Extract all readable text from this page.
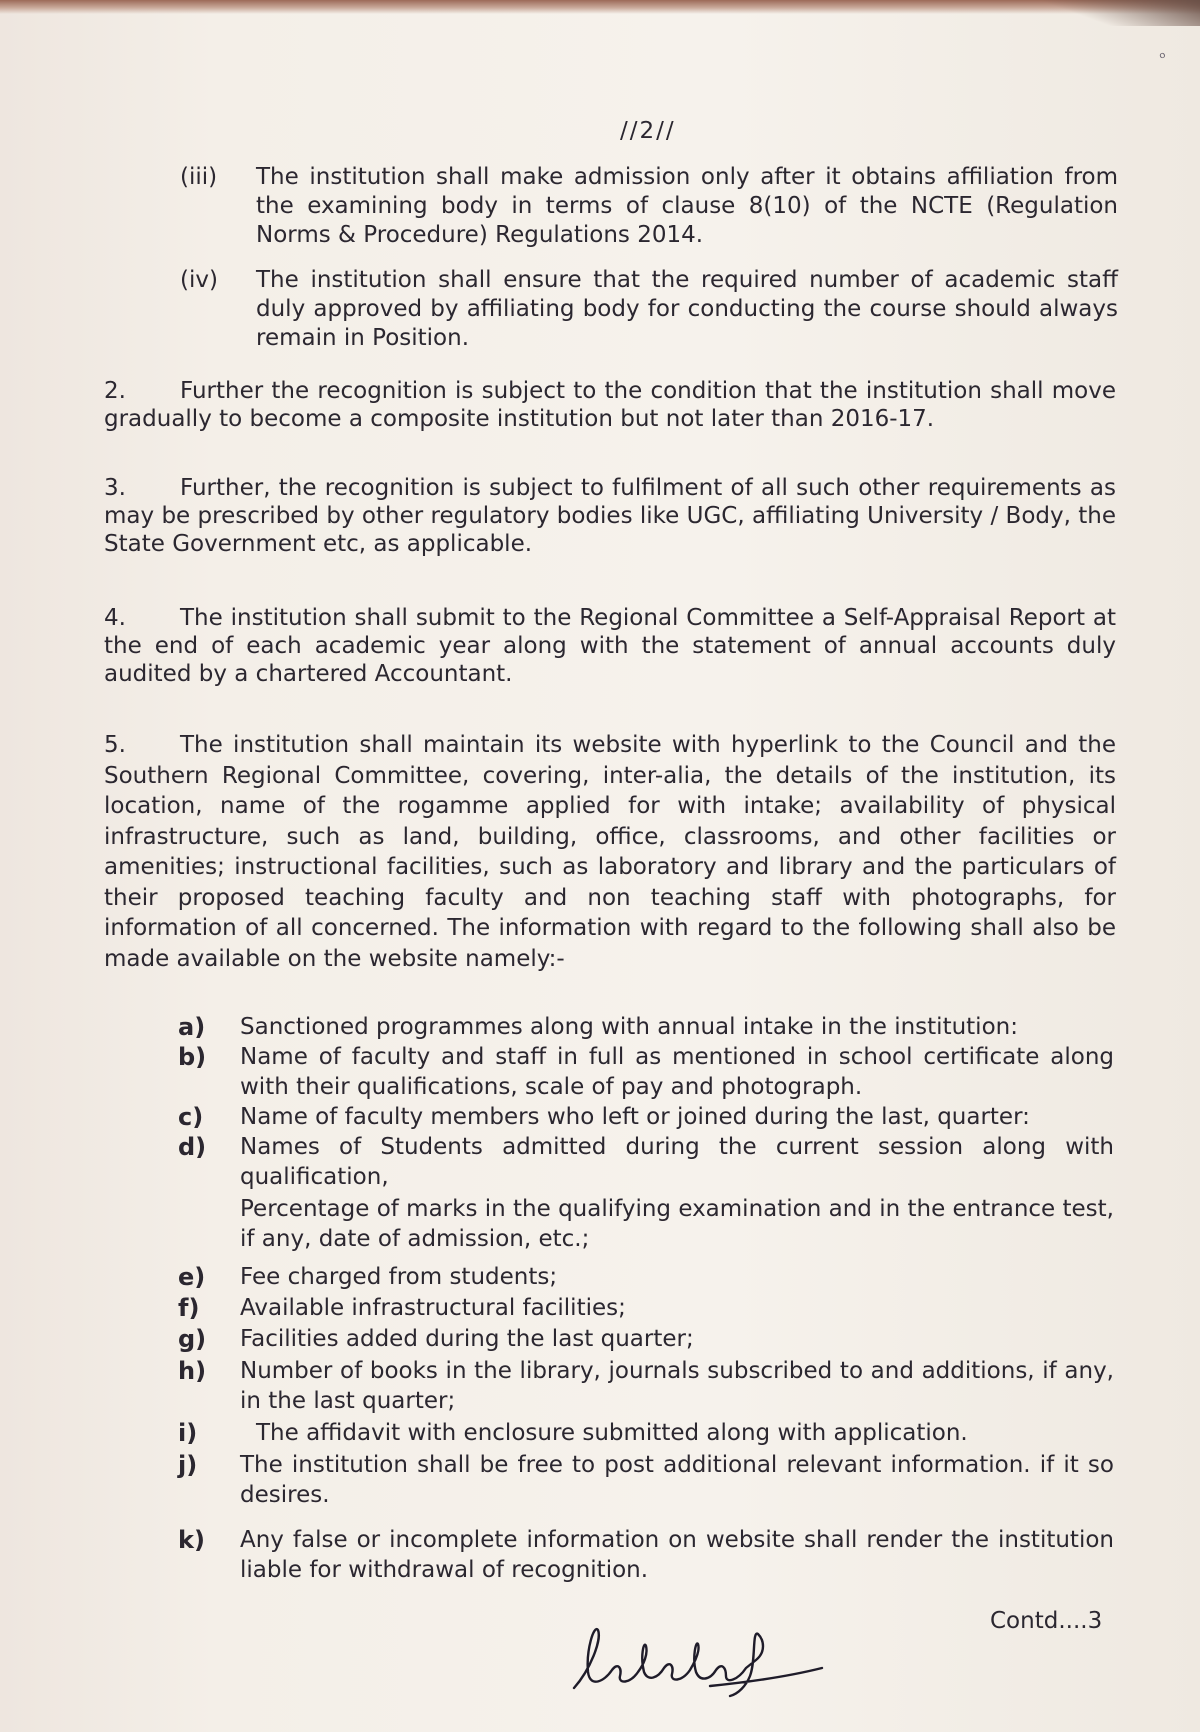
ᵒ
//2//
(iii) The institution shall make admission only after it obtains affiliation from the examining body in terms of clause 8(10) of the NCTE (Regulation Norms & Procedure) Regulations 2014.
(iv) The institution shall ensure that the required number of academic staff duly approved by affiliating body for conducting the course should always remain in Position.
2. Further the recognition is subject to the condition that the institution shall move gradually to become a composite institution but not later than 2016-17.
3. Further, the recognition is subject to fulfilment of all such other requirements as may be prescribed by other regulatory bodies like UGC, affiliating University / Body, the State Government etc, as applicable.
4. The institution shall submit to the Regional Committee a Self-Appraisal Report at the end of each academic year along with the statement of annual accounts duly audited by a chartered Accountant.
5. The institution shall maintain its website with hyperlink to the Council and the Southern Regional Committee, covering, inter-alia, the details of the institution, its location, name of the rogamme applied for with intake; availability of physical infrastructure, such as land, building, office, classrooms, and other facilities or amenities; instructional facilities, such as laboratory and library and the particulars of their proposed teaching faculty and non teaching staff with photographs, for information of all concerned. The information with regard to the following shall also be made available on the website namely:-
a) Sanctioned programmes along with annual intake in the institution:
b) Name of faculty and staff in full as mentioned in school certificate along with their qualifications, scale of pay and photograph.
c) Name of faculty members who left or joined during the last, quarter:
d) Names of Students admitted during the current session along with qualification,
Percentage of marks in the qualifying examination and in the entrance test, if any, date of admission, etc.;
e) Fee charged from students;
f) Available infrastructural facilities;
g) Facilities added during the last quarter;
h) Number of books in the library, journals subscribed to and additions, if any, in the last quarter;
i)	The affidavit with enclosure submitted along with application.
j) The institution shall be free to post additional relevant information. if it so desires.
k) Any false or incomplete information on website shall render the institution liable for withdrawal of recognition.
Contd....3
